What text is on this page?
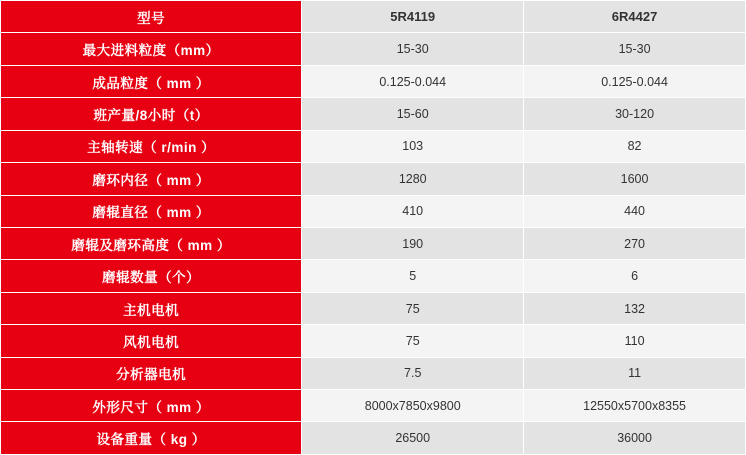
型号	5R4119	6R4427
最大进料粒度（mm）	15-30	15-30
成品粒度（ mm ）	0.125-0.044	0.125-0.044
班产量/8小时（t）	15-60	30-120
主轴转速（ r/min ）	103	82
磨环内径（ mm ）	1280	1600
磨辊直径（ mm ）	410	440
磨辊及磨环高度（ mm ）	190	270
磨辊数量（个）	5	6
主机电机	75	132
风机电机	75	110
分析器电机	7.5	11
外形尺寸（ mm ）	8000x7850x9800	12550x5700x8355
设备重量（ kg ）	26500	36000
